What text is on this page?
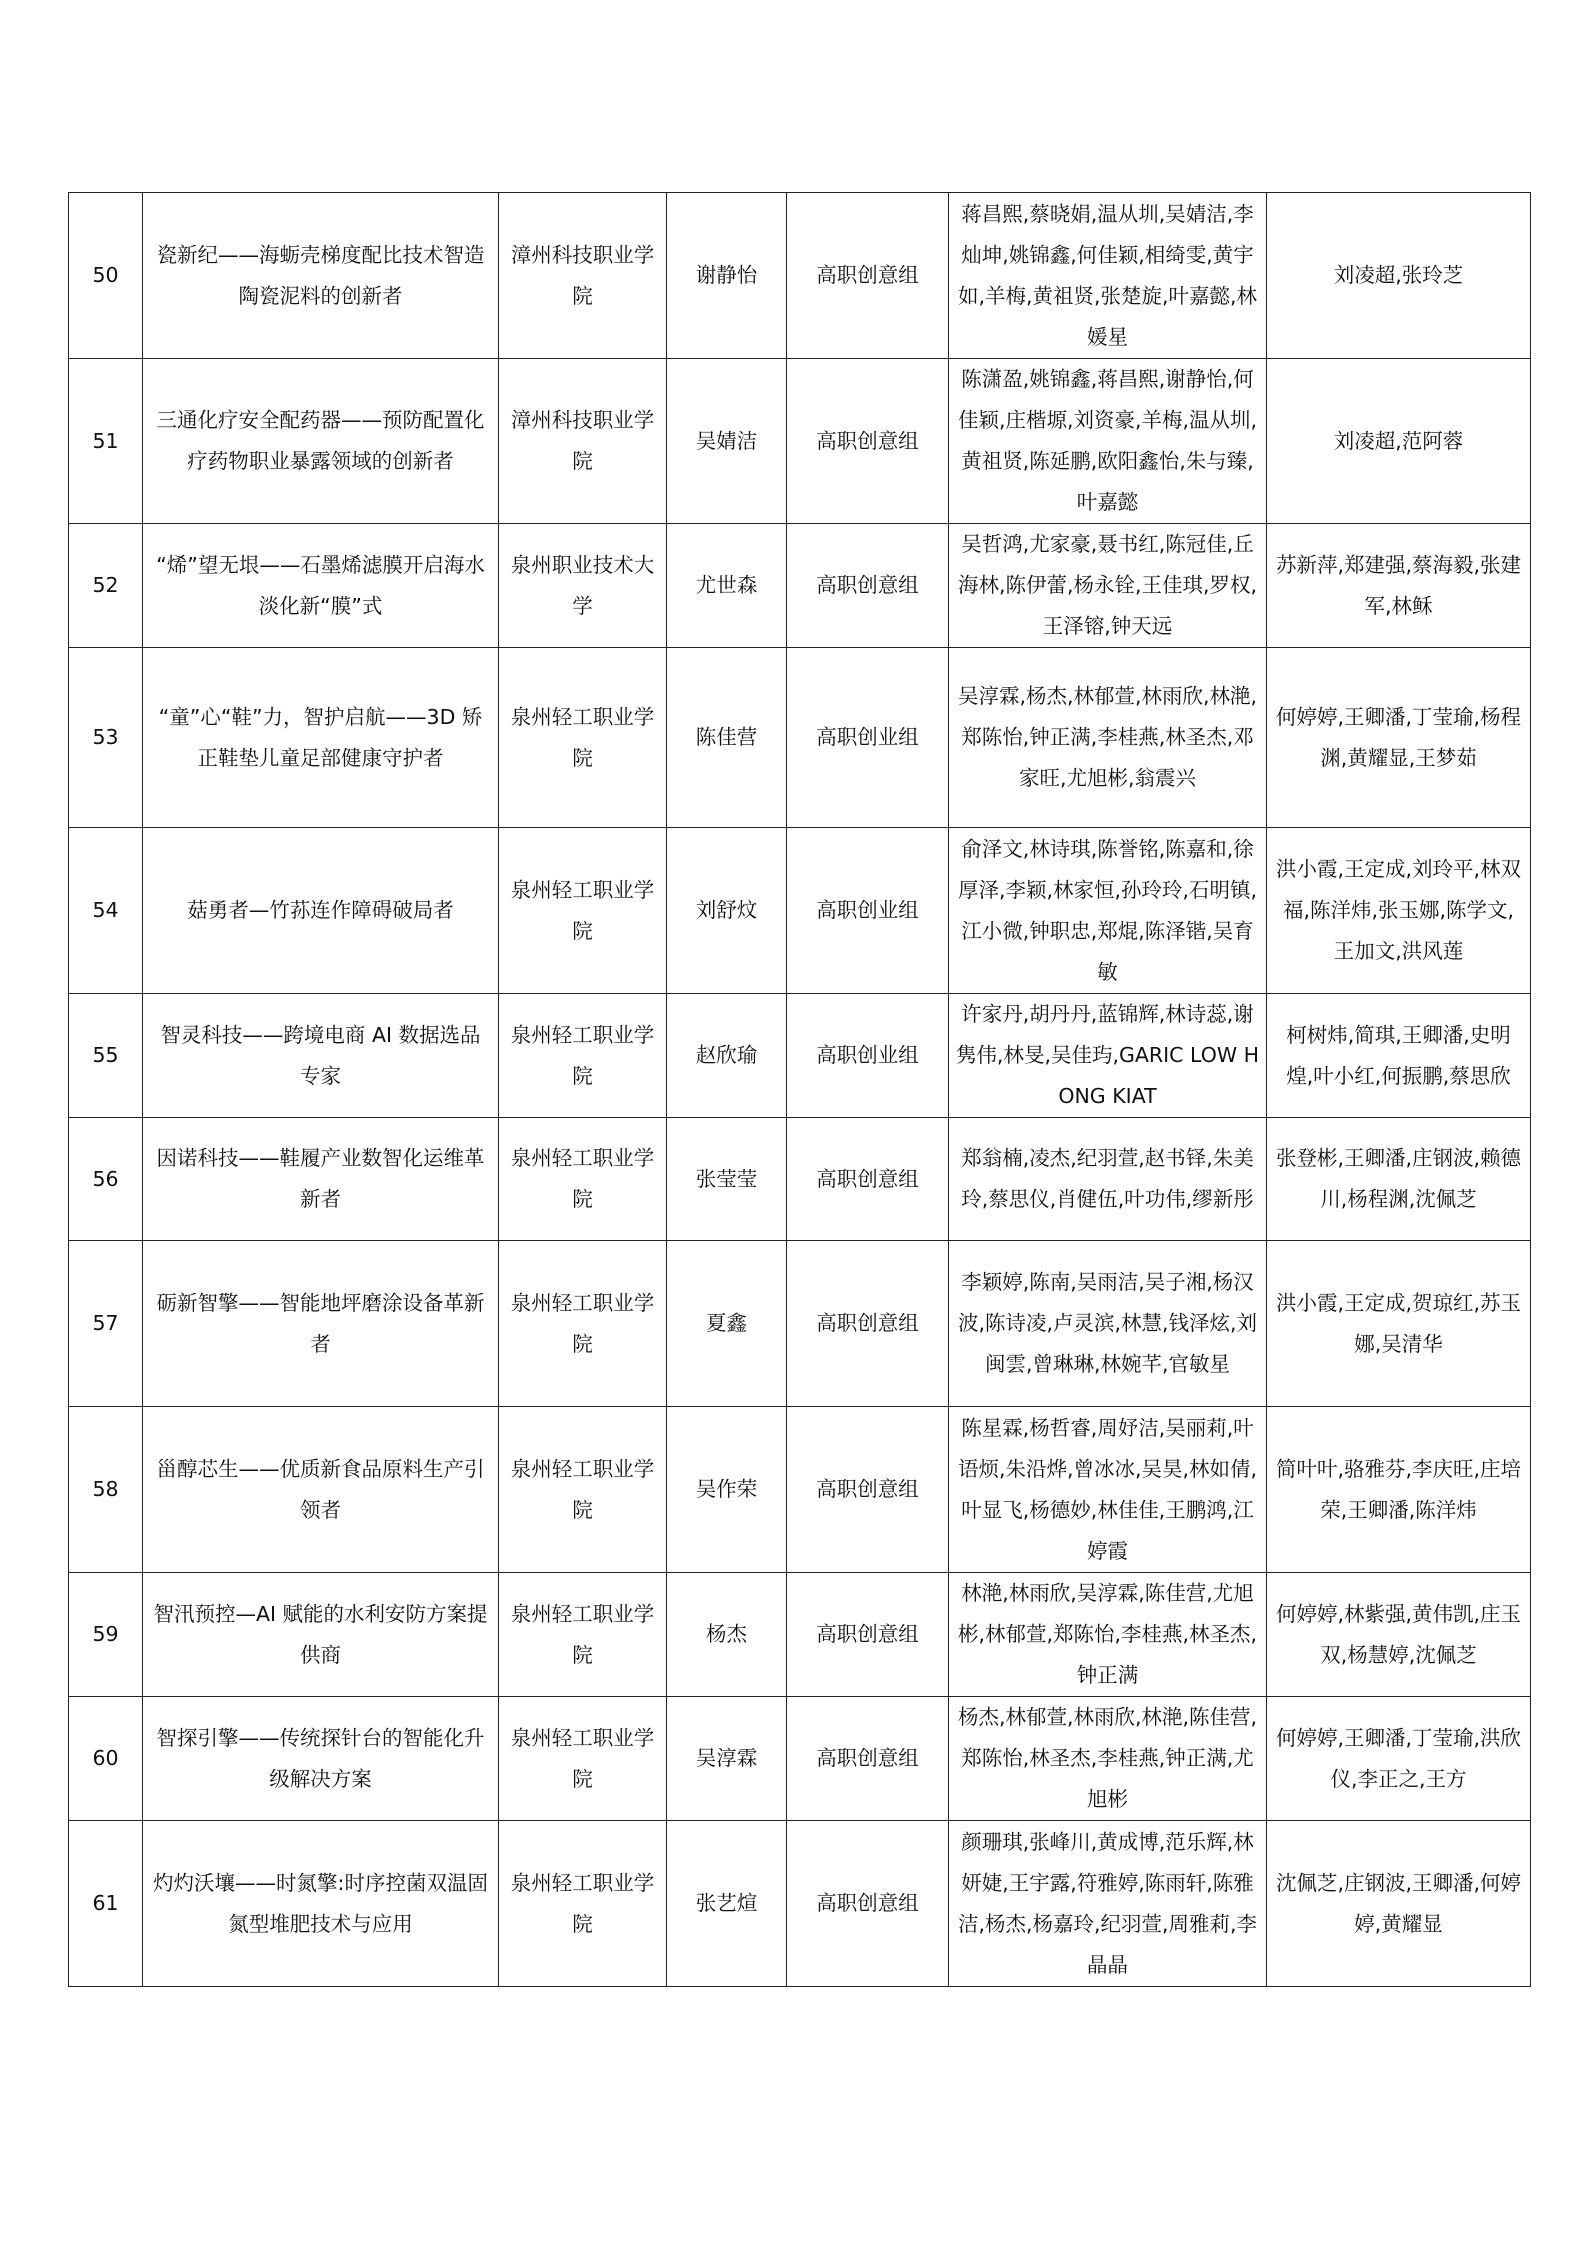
50	瓷新纪——海蛎壳梯度配比技术智造陶瓷泥料的创新者	漳州科技职业学院	谢静怡	高职创意组	蒋昌熙,蔡晓娟,温从圳,吴婧洁,李灿坤,姚锦鑫,何佳颖,相绮雯,黄宇如,羊梅,黄祖贤,张楚旋,叶嘉懿,林媛星	刘凌超,张玲芝
51	三通化疗安全配药器——预防配置化疗药物职业暴露领域的创新者	漳州科技职业学院	吴婧洁	高职创意组	陈潇盈,姚锦鑫,蒋昌熙,谢静怡,何佳颖,庄楷塬,刘资豪,羊梅,温从圳,黄祖贤,陈延鹏,欧阳鑫怡,朱与臻,叶嘉懿	刘凌超,范阿蓉
52	“烯”望无垠——石墨烯滤膜开启海水淡化新“膜”式	泉州职业技术大学	尤世森	高职创意组	吴哲鸿,尤家豪,聂书红,陈冠佳,丘海林,陈伊蕾,杨永铨,王佳琪,罗权,王泽镕,钟天远	苏新萍,郑建强,蔡海毅,张建军,林稣
53	“童”心“鞋”力，智护启航——3D 矫正鞋垫儿童足部健康守护者	泉州轻工职业学院	陈佳营	高职创业组	吴淳霖,杨杰,林郁萱,林雨欣,林滟,郑陈怡,钟正满,李桂燕,林圣杰,邓家旺,尤旭彬,翁震兴	何婷婷,王卿潘,丁莹瑜,杨程渊,黄耀显,王梦茹
54	菇勇者—竹荪连作障碍破局者	泉州轻工职业学院	刘舒炆	高职创业组	俞泽文,林诗琪,陈誉铭,陈嘉和,徐厚泽,李颖,林家恒,孙玲玲,石明镇,江小微,钟职忠,郑焜,陈泽锴,吴育敏	洪小霞,王定成,刘玲平,林双福,陈洋炜,张玉娜,陈学文,王加文,洪风莲
55	智灵科技——跨境电商 AI 数据选品专家	泉州轻工职业学院	赵欣瑜	高职创业组	许家丹,胡丹丹,蓝锦辉,林诗蕊,谢隽伟,林旻,吴佳玙,GARIC LOW HONG KIAT	柯树炜,简琪,王卿潘,史明煌,叶小红,何振鹏,蔡思欣
56	因诺科技——鞋履产业数智化运维革新者	泉州轻工职业学院	张莹莹	高职创意组	郑翁楠,凌杰,纪羽萱,赵书铎,朱美玲,蔡思仪,肖健伍,叶功伟,缪新彤	张登彬,王卿潘,庄钢波,赖德川,杨程渊,沈佩芝
57	砺新智擎——智能地坪磨涂设备革新者	泉州轻工职业学院	夏鑫	高职创意组	李颖婷,陈南,吴雨洁,吴子湘,杨汉波,陈诗凌,卢灵滨,林慧,钱泽炫,刘闽雲,曾琳琳,林婉芊,官敏星	洪小霞,王定成,贺琼红,苏玉娜,吴清华
58	甾醇芯生——优质新食品原料生产引领者	泉州轻工职业学院	吴作荣	高职创意组	陈星霖,杨哲睿,周妤洁,吴丽莉,叶语烦,朱沿烨,曾冰冰,吴昊,林如倩,叶显飞,杨德妙,林佳佳,王鹏鸿,江婷霞	简叶叶,骆雅芬,李庆旺,庄培荣,王卿潘,陈洋炜
59	智汛预控—AI 赋能的水利安防方案提供商	泉州轻工职业学院	杨杰	高职创意组	林滟,林雨欣,吴淳霖,陈佳营,尤旭彬,林郁萱,郑陈怡,李桂燕,林圣杰,钟正满	何婷婷,林紫强,黄伟凯,庄玉双,杨慧婷,沈佩芝
60	智探引擎——传统探针台的智能化升级解决方案	泉州轻工职业学院	吴淳霖	高职创意组	杨杰,林郁萱,林雨欣,林滟,陈佳营,郑陈怡,林圣杰,李桂燕,钟正满,尤旭彬	何婷婷,王卿潘,丁莹瑜,洪欣仪,李正之,王方
61	灼灼沃壤——时氮擎:时序控菌双温固氮型堆肥技术与应用	泉州轻工职业学院	张艺煊	高职创意组	颜珊琪,张峰川,黄成博,范乐辉,林妍婕,王宇露,符雅婷,陈雨轩,陈雅洁,杨杰,杨嘉玲,纪羽萱,周雅莉,李晶晶	沈佩芝,庄钢波,王卿潘,何婷婷,黄耀显
